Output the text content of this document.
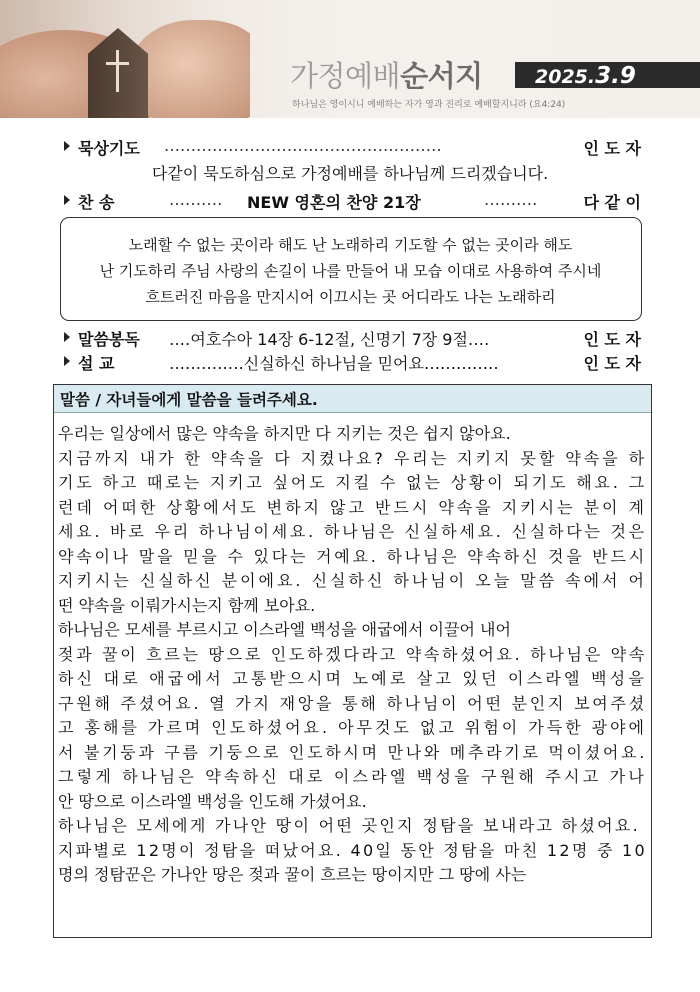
가정예배순서지	2025.3.9
하나님은 영이시니 예배하는 자가 영과 진리로 예배할지니라 (요4:24)
묵상기도 ‥‥‥‥‥‥‥‥‥‥‥‥‥‥‥‥‥‥‥‥‥‥‥‥‥‥	인 도 자
다같이 묵도하심으로 가정예배를 하나님께 드리겠습니다.
찬 송	‥‥‥‥‥ NEW 영혼의 찬양 21장	‥‥‥‥‥	다 같 이
노래할 수 없는 곳이라 해도 난 노래하리 기도할 수 없는 곳이라 해도
난 기도하리 주님 사랑의 손길이 나를 만들어 내 모습 이대로 사용하여 주시네
흐트러진 마음을 만지시어 이끄시는 곳 어디라도 나는 노래하리
말씀봉독 ‥‥여호수아 14장 6-12절, 신명기 7장 9절‥‥	인 도 자
설 교	‥‥‥‥‥‥‥신실하신 하나님을 믿어요‥‥‥‥‥‥‥	인 도 자
말씀 / 자녀들에게 말씀을 들려주세요.
우리는 일상에서 많은 약속을 하지만 다 지키는 것은 쉽지 않아요.
지금까지 내가 한 약속을 다 지켰나요? 우리는 지키지 못할 약속을 하
기도 하고 때로는 지키고 싶어도 지킬 수 없는 상황이 되기도 해요. 그
런데 어떠한 상황에서도 변하지 않고 반드시 약속을 지키시는 분이 계
세요. 바로 우리 하나님이세요. 하나님은 신실하세요. 신실하다는 것은
약속이나 말을 믿을 수 있다는 거예요. 하나님은 약속하신 것을 반드시
지키시는 신실하신 분이에요. 신실하신 하나님이 오늘 말씀 속에서 어
떤 약속을 이뤄가시는지 함께 보아요.
하나님은 모세를 부르시고 이스라엘 백성을 애굽에서 이끌어 내어
젖과 꿀이 흐르는 땅으로 인도하겠다라고 약속하셨어요. 하나님은 약속
하신 대로 애굽에서 고통받으시며 노예로 살고 있던 이스라엘 백성을
구원해 주셨어요. 열 가지 재앙을 통해 하나님이 어떤 분인지 보여주셨
고 홍해를 가르며 인도하셨어요. 아무것도 없고 위험이 가득한 광야에
서 불기둥과 구름 기둥으로 인도하시며 만나와 메추라기로 먹이셨어요.
그렇게 하나님은 약속하신 대로 이스라엘 백성을 구원해 주시고 가나
안 땅으로 이스라엘 백성을 인도해 가셨어요.
하나님은 모세에게 가나안 땅이 어떤 곳인지 정탐을 보내라고 하셨어요.
지파별로 12명이 정탐을 떠났어요. 40일 동안 정탐을 마친 12명 중 10
명의 정탐꾼은 가나안 땅은 젖과 꿀이 흐르는 땅이지만 그 땅에 사는
